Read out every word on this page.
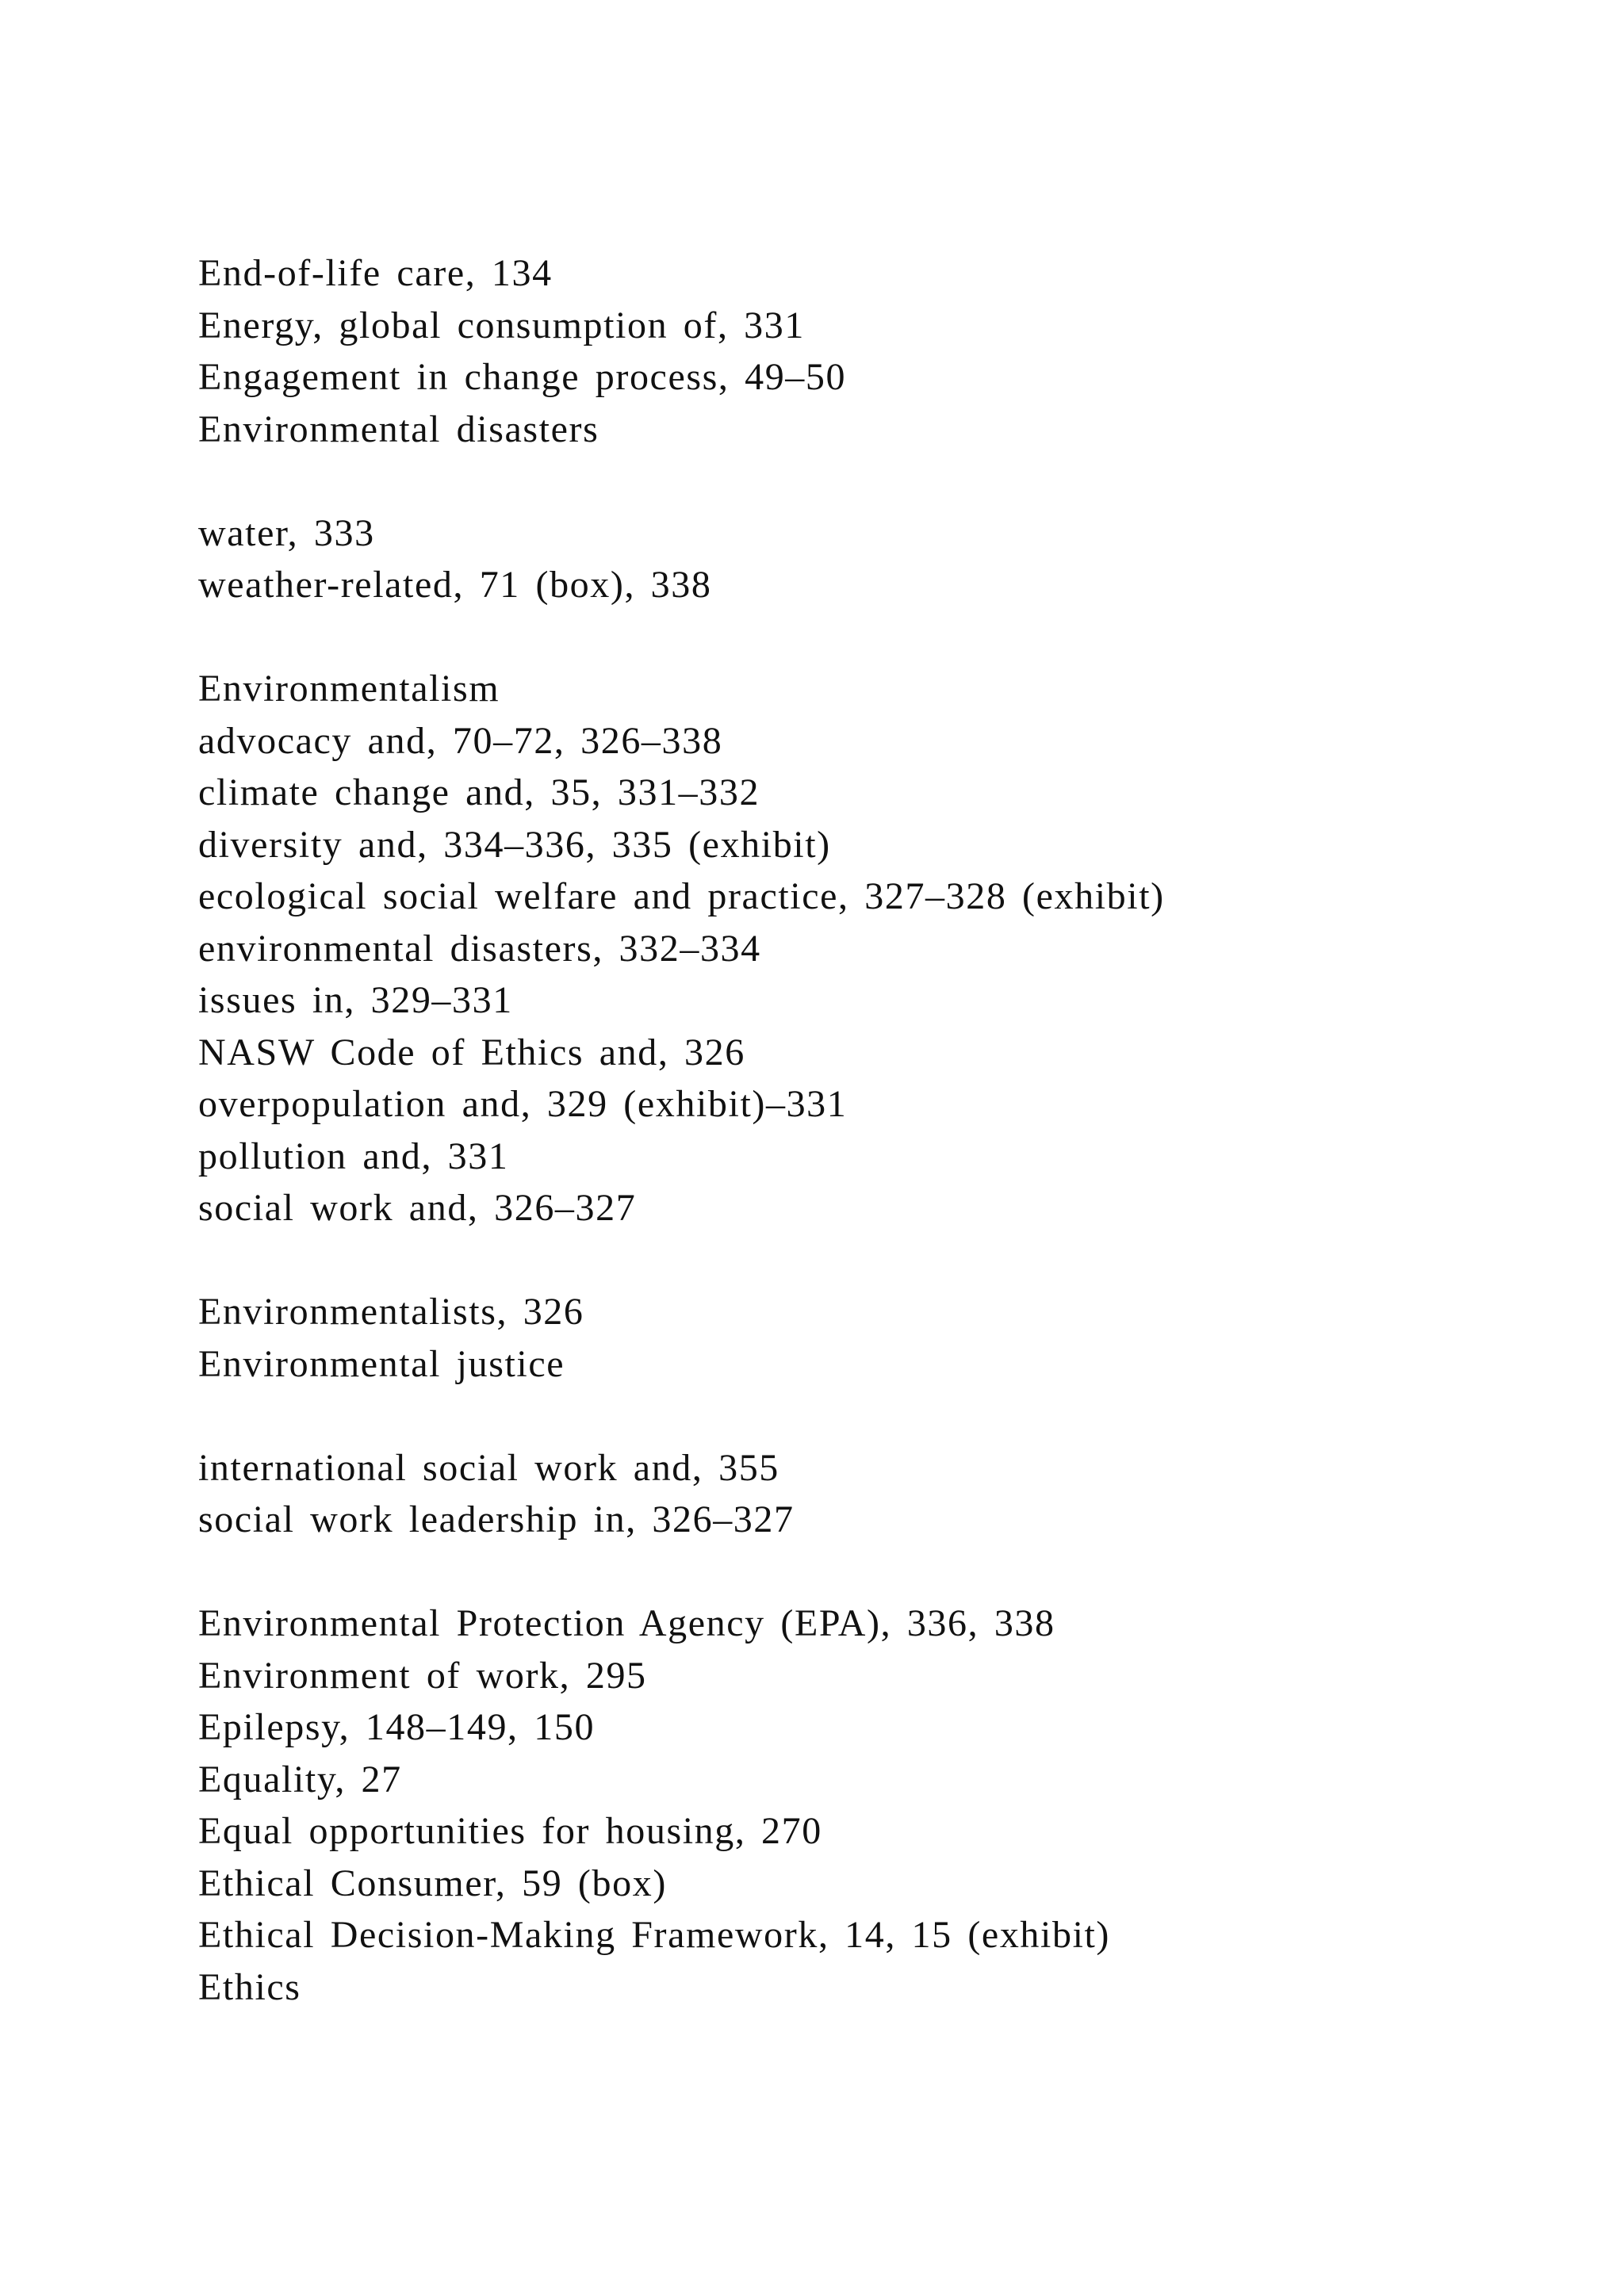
End-of-life care, 134
Energy, global consumption of, 331
Engagement in change process, 49–50
Environmental disasters
water, 333
weather-related, 71 (box), 338
Environmentalism
advocacy and, 70–72, 326–338
climate change and, 35, 331–332
diversity and, 334–336, 335 (exhibit)
ecological social welfare and practice, 327–328 (exhibit)
environmental disasters, 332–334
issues in, 329–331
NASW Code of Ethics and, 326
overpopulation and, 329 (exhibit)–331
pollution and, 331
social work and, 326–327
Environmentalists, 326
Environmental justice
international social work and, 355
social work leadership in, 326–327
Environmental Protection Agency (EPA), 336, 338
Environment of work, 295
Epilepsy, 148–149, 150
Equality, 27
Equal opportunities for housing, 270
Ethical Consumer, 59 (box)
Ethical Decision-Making Framework, 14, 15 (exhibit)
Ethics
